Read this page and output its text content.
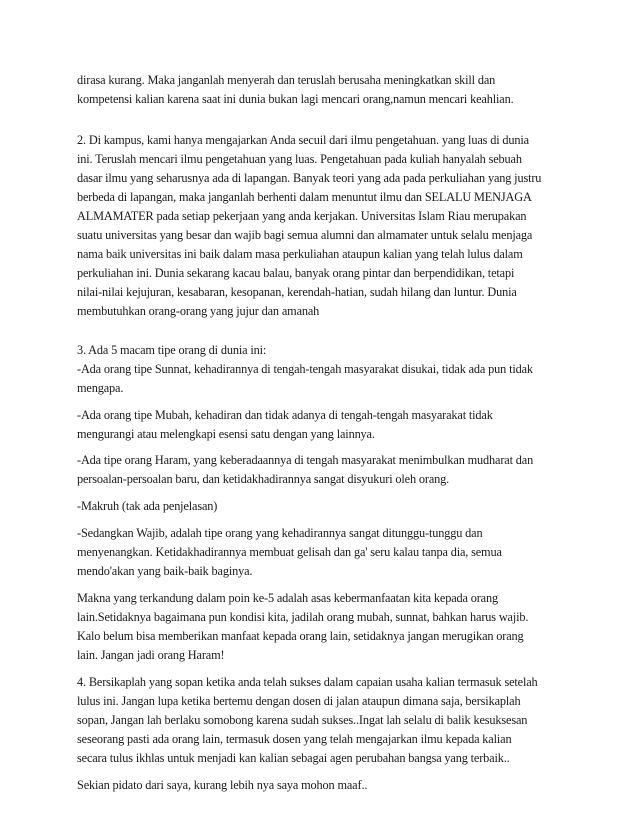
dirasa kurang. Maka janganlah menyerah dan teruslah berusaha meningkatkan skill dan
kompetensi kalian karena saat ini dunia bukan lagi mencari orang,namun mencari keahlian.
2. Di kampus, kami hanya mengajarkan Anda secuil dari ilmu pengetahuan. yang luas di dunia
ini. Teruslah mencari ilmu pengetahuan yang luas. Pengetahuan pada kuliah hanyalah sebuah
dasar ilmu yang seharusnya ada di lapangan. Banyak teori yang ada pada perkuliahan yang justru
berbeda di lapangan, maka janganlah berhenti dalam menuntut ilmu dan SELALU MENJAGA
ALMAMATER pada setiap pekerjaan yang anda kerjakan. Universitas Islam Riau merupakan
suatu universitas yang besar dan wajib bagi semua alumni dan almamater untuk selalu menjaga
nama baik universitas ini baik dalam masa perkuliahan ataupun kalian yang telah lulus dalam
perkuliahan ini. Dunia sekarang kacau balau, banyak orang pintar dan berpendidikan, tetapi
nilai-nilai kejujuran, kesabaran, kesopanan, kerendah-hatian, sudah hilang dan luntur. Dunia
membutuhkan orang-orang yang jujur dan amanah
3. Ada 5 macam tipe orang di dunia ini:
-Ada orang tipe Sunnat, kehadirannya di tengah-tengah masyarakat disukai, tidak ada pun tidak
mengapa.
-Ada orang tipe Mubah, kehadiran dan tidak adanya di tengah-tengah masyarakat tidak
mengurangi atau melengkapi esensi satu dengan yang lainnya.
-Ada tipe orang Haram, yang keberadaannya di tengah masyarakat menimbulkan mudharat dan
persoalan-persoalan baru, dan ketidakhadirannya sangat disyukuri oleh orang.
-Makruh (tak ada penjelasan)
-Sedangkan Wajib, adalah tipe orang yang kehadirannya sangat ditunggu-tunggu dan
menyenangkan. Ketidakhadirannya membuat gelisah dan ga' seru kalau tanpa dia, semua
mendo'akan yang baik-baik baginya.
Makna yang terkandung dalam poin ke-5 adalah asas kebermanfaatan kita kepada orang
lain.Setidaknya bagaimana pun kondisi kita, jadilah orang mubah, sunnat, bahkan harus wajib.
Kalo belum bisa memberikan manfaat kepada orang lain, setidaknya jangan merugikan orang
lain. Jangan jadi orang Haram!
4. Bersikaplah yang sopan ketika anda telah sukses dalam capaian usaha kalian termasuk setelah
lulus ini. Jangan lupa ketika bertemu dengan dosen di jalan ataupun dimana saja, bersikaplah
sopan, Jangan lah berlaku somobong karena sudah sukses..Ingat lah selalu di balik kesuksesan
seseorang pasti ada orang lain, termasuk dosen yang telah mengajarkan ilmu kepada kalian
secara tulus ikhlas untuk menjadi kan kalian sebagai agen perubahan bangsa yang terbaik..
Sekian pidato dari saya, kurang lebih nya saya mohon maaf..
